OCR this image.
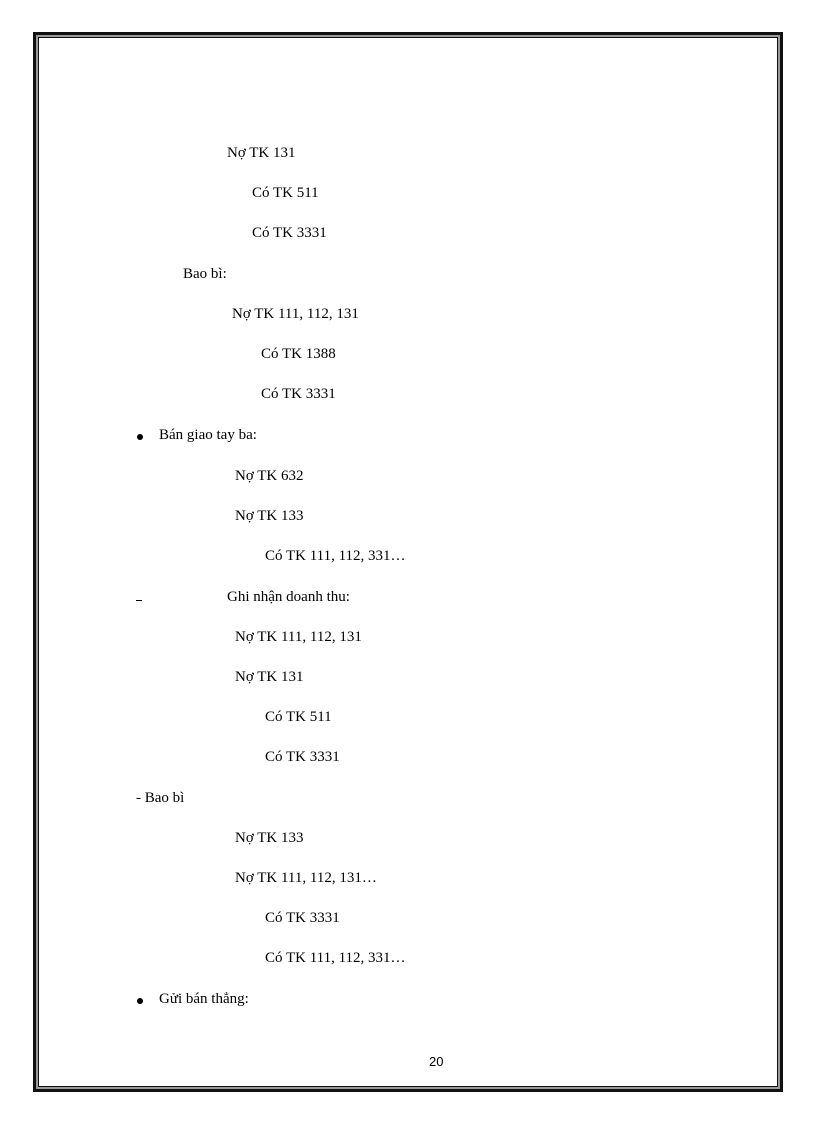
Nợ TK 131
Có TK 511
Có TK 3331
Bao bì:
Nợ TK 111, 112, 131
Có TK 1388
Có TK 3331
Bán giao tay ba:
Nợ TK 632
Nợ TK 133
Có TK 111, 112, 331…
Ghi nhận doanh thu:
Nợ TK 111, 112, 131
Nợ TK 131
Có TK 511
Có TK 3331
- Bao bì
Nợ TK 133
Nợ TK 111, 112, 131…
Có TK 3331
Có TK 111, 112, 331…
Gửi bán thẳng:
20
